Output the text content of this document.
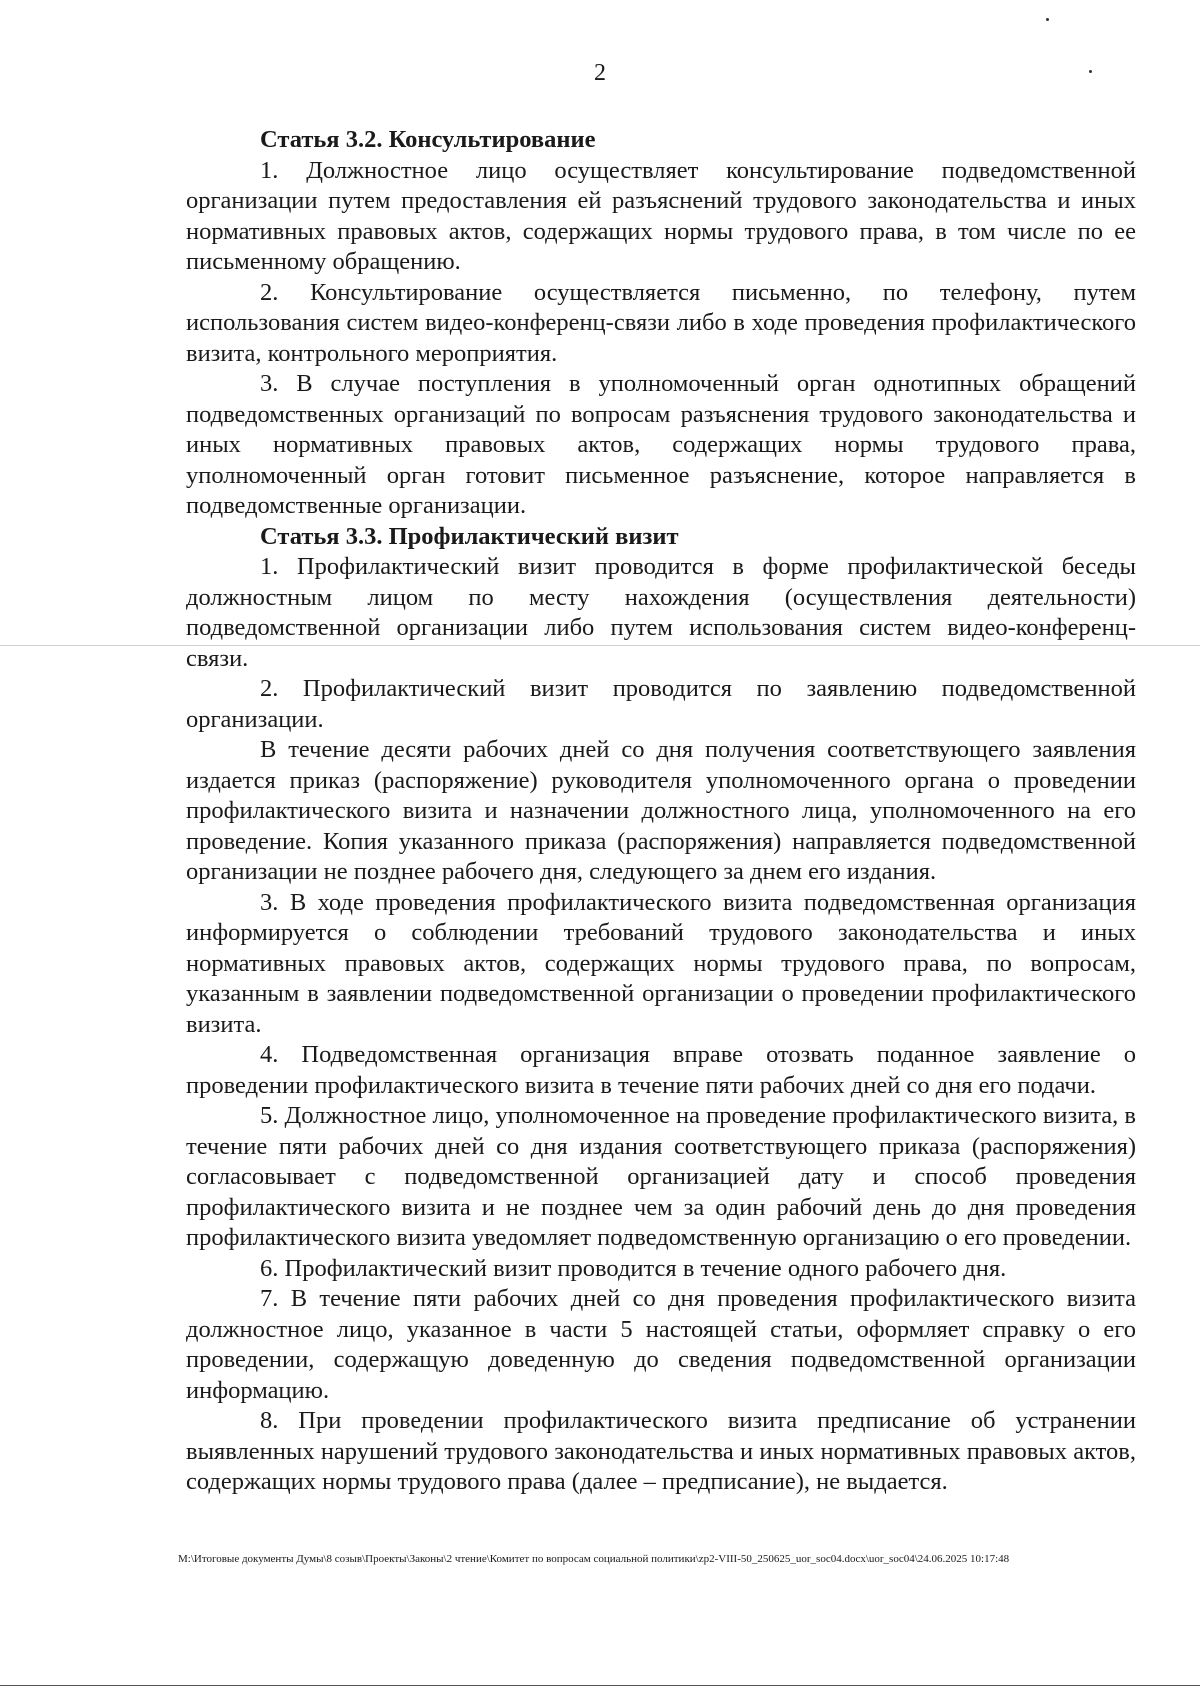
2
Статья 3.2. Консультирование

1. Должностное лицо осуществляет консультирование подведомственной организации путем предоставления ей разъяснений трудового законодательства и иных нормативных правовых актов, содержащих нормы трудового права, в том числе по ее письменному обращению.

2. Консультирование осуществляется письменно, по телефону, путем использования систем видео-конференц-связи либо в ходе проведения профилактического визита, контрольного мероприятия.

3. В случае поступления в уполномоченный орган однотипных обращений подведомственных организаций по вопросам разъяснения трудового законодательства и иных нормативных правовых актов, содержащих нормы трудового права, уполномоченный орган готовит письменное разъяснение, которое направляется в подведомственные организации.

Статья 3.3. Профилактический визит

1. Профилактический визит проводится в форме профилактической беседы должностным лицом по месту нахождения (осуществления деятельности) подведомственной организации либо путем использования систем видео-конференц-связи.

2. Профилактический визит проводится по заявлению подведомственной организации.

В течение десяти рабочих дней со дня получения соответствующего заявления издается приказ (распоряжение) руководителя уполномоченного органа о проведении профилактического визита и назначении должностного лица, уполномоченного на его проведение. Копия указанного приказа (распоряжения) направляется подведомственной организации не позднее рабочего дня, следующего за днем его издания.

3. В ходе проведения профилактического визита подведомственная организация информируется о соблюдении требований трудового законодательства и иных нормативных правовых актов, содержащих нормы трудового права, по вопросам, указанным в заявлении подведомственной организации о проведении профилактического визита.

4. Подведомственная организация вправе отозвать поданное заявление о проведении профилактического визита в течение пяти рабочих дней со дня его подачи.

5. Должностное лицо, уполномоченное на проведение профилактического визита, в течение пяти рабочих дней со дня издания соответствующего приказа (распоряжения) согласовывает с подведомственной организацией дату и способ проведения профилактического визита и не позднее чем за один рабочий день до дня проведения профилактического визита уведомляет подведомственную организацию о его проведении.

6. Профилактический визит проводится в течение одного рабочего дня.

7. В течение пяти рабочих дней со дня проведения профилактического визита должностное лицо, указанное в части 5 настоящей статьи, оформляет справку о его проведении, содержащую доведенную до сведения подведомственной организации информацию.

8. При проведении профилактического визита предписание об устранении выявленных нарушений трудового законодательства и иных нормативных правовых актов, содержащих нормы трудового права (далее – предписание), не выдается.

M:\Итоговые документы Думы\8 созыв\Проекты\Законы\2 чтение\Комитет по вопросам социальной политики\zp2-VIII-50_250625_uor_soc04.docx\uor_soc04\24.06.2025 10:17:48
